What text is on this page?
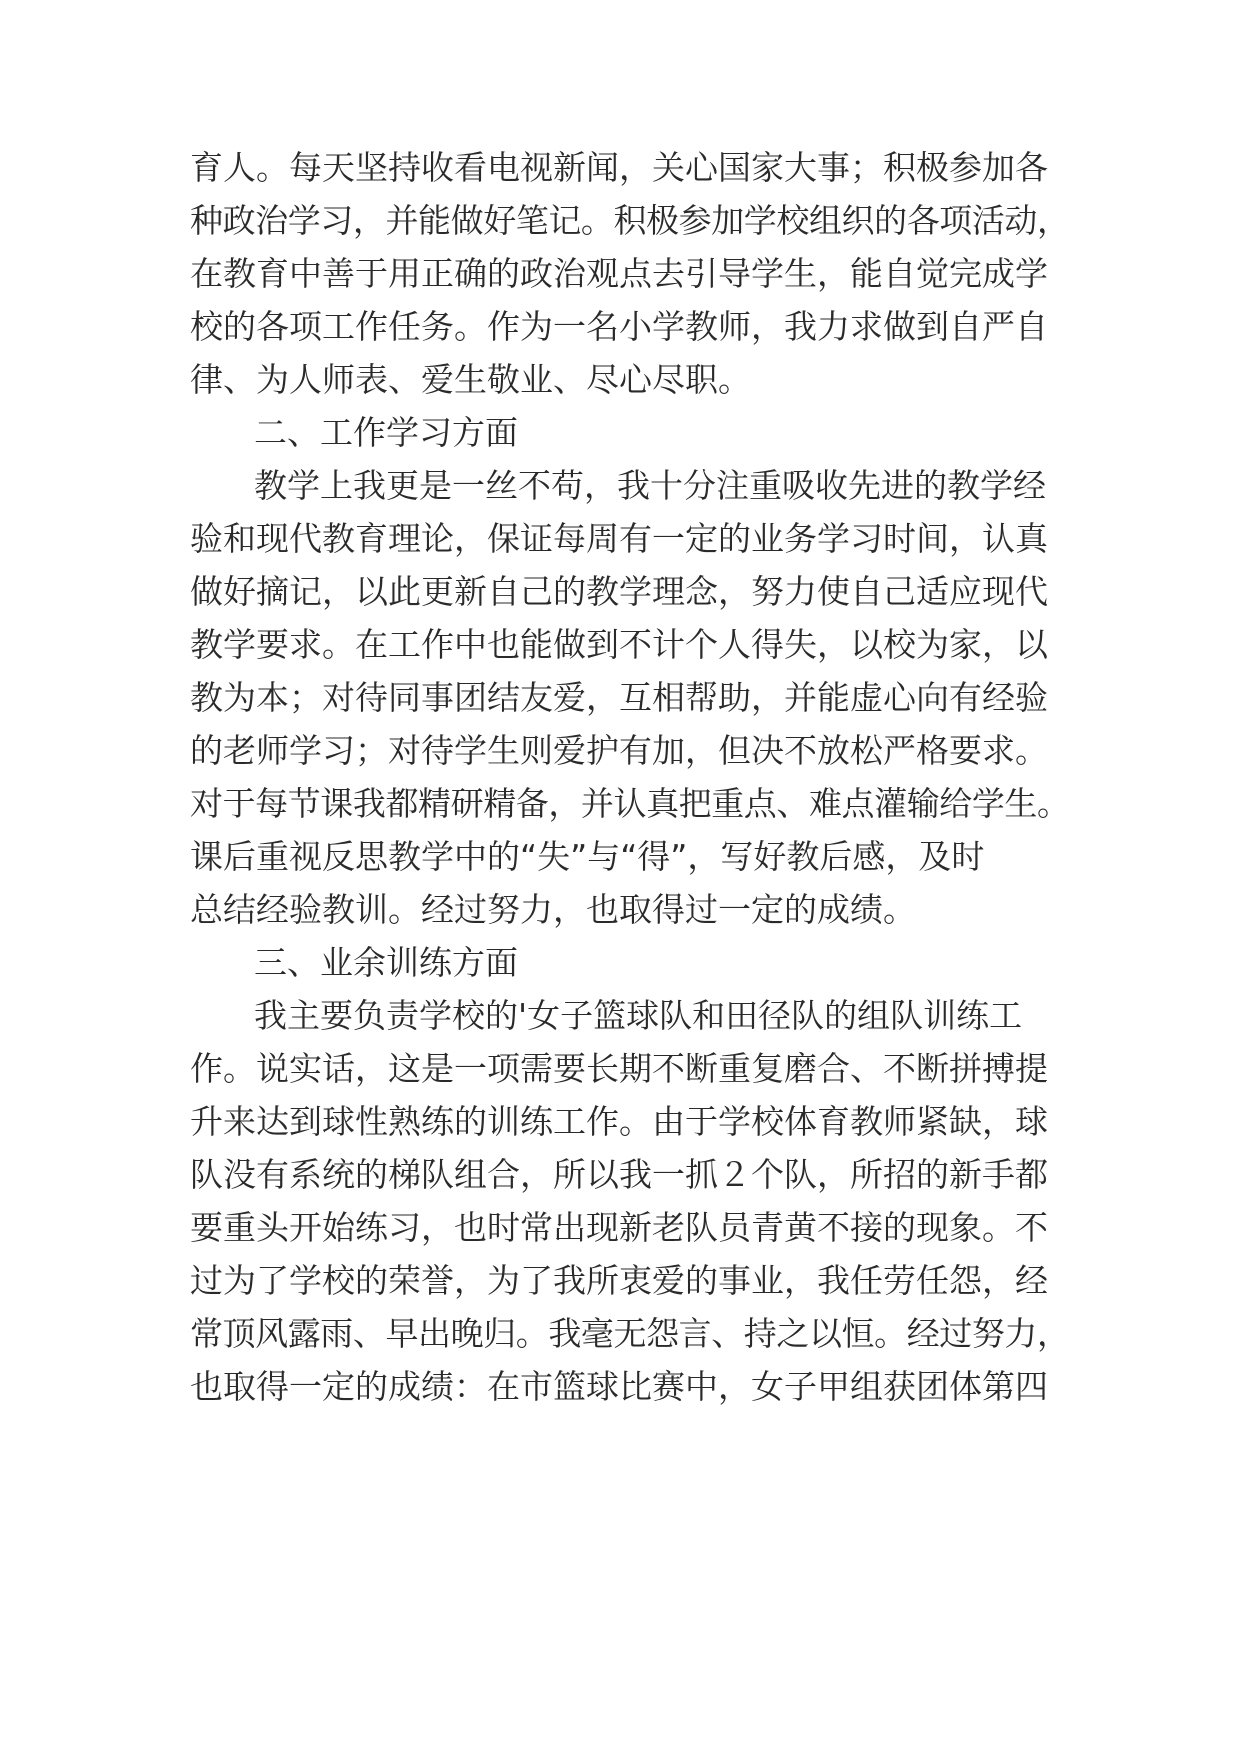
育人。每天坚持收看电视新闻，关心国家大事；积极参加各
种政治学习，并能做好笔记。积极参加学校组织的各项活动，
在教育中善于用正确的政治观点去引导学生，能自觉完成学
校的各项工作任务。作为一名小学教师，我力求做到自严自
律、为人师表、爱生敬业、尽心尽职。
二、工作学习方面
教学上我更是一丝不苟，我十分注重吸收先进的教学经
验和现代教育理论，保证每周有一定的业务学习时间，认真
做好摘记，以此更新自己的教学理念，努力使自己适应现代
教学要求。在工作中也能做到不计个人得失，以校为家，以
教为本；对待同事团结友爱，互相帮助，并能虚心向有经验
的老师学习；对待学生则爱护有加，但决不放松严格要求。
对于每节课我都精研精备，并认真把重点、难点灌输给学生。
课后重视反思教学中的“失”与“得”，写好教后感，及时
总结经验教训。经过努力，也取得过一定的成绩。
三、业余训练方面
我主要负责学校的'女子篮球队和田径队的组队训练工
作。说实话，这是一项需要长期不断重复磨合、不断拼搏提
升来达到球性熟练的训练工作。由于学校体育教师紧缺，球
队没有系统的梯队组合，所以我一抓２个队，所招的新手都
要重头开始练习，也时常出现新老队员青黄不接的现象。不
过为了学校的荣誉，为了我所衷爱的事业，我任劳任怨，经
常顶风露雨、早出晚归。我毫无怨言、持之以恒。经过努力，
也取得一定的成绩：在市篮球比赛中，女子甲组获团体第四
